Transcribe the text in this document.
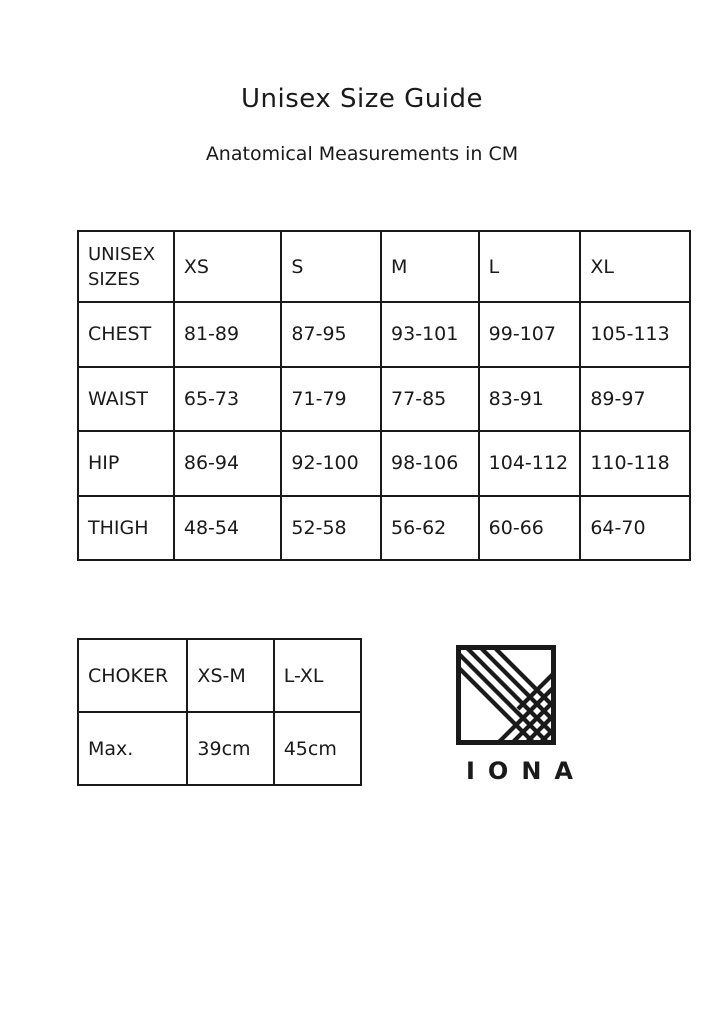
Unisex Size Guide
Anatomical Measurements in CM
UNISEX
SIZES	XS	S	M	L	XL
CHEST	81-89	87-95	93-101	99-107	105-113
WAIST	65-73	71-79	77-85	83-91	89-97
HIP	86-94	92-100	98-106	104-112	110-118
THIGH	48-54	52-58	56-62	60-66	64-70
CHOKER	XS-M	L-XL
Max.	39cm	45cm
IONA
